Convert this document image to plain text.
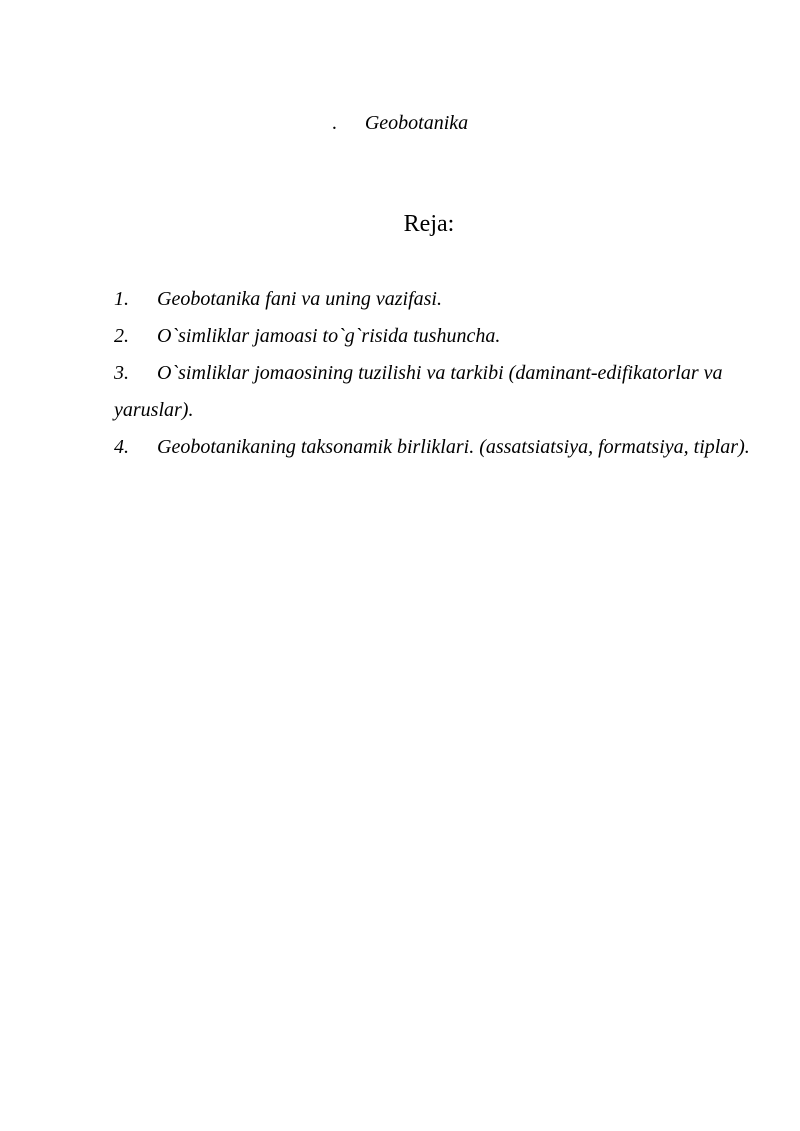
. Geobotanika
Reja:
1. Geobotanika fani va uning vazifasi.
2. O`simliklar jamoasi to`g`risida tushuncha.
3. O`simliklar jomaosining tuzilishi va tarkibi (daminant-edifikatorlar va yaruslar).
4. Geobotanikaning taksonamik birliklari. (assatsiatsiya, formatsiya, tiplar).
